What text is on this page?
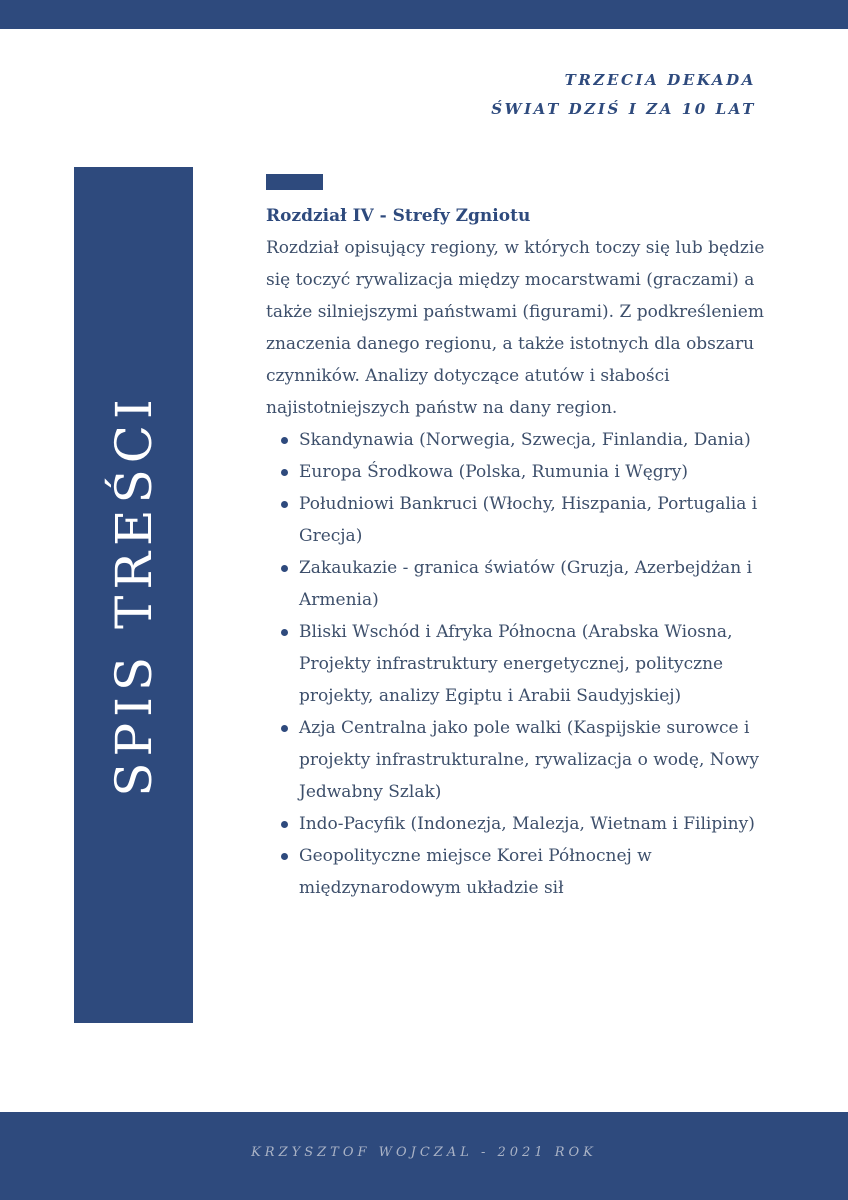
TRZECIA DEKADA
ŚWIAT DZIŚ I ZA 10 LAT
SPIS TREŚCI
Rozdział IV - Strefy Zgniotu

Rozdział opisujący regiony, w których toczy się lub będzie się toczyć rywalizacja między mocarstwami (graczami) a także silniejszymi państwami (figurami). Z podkreśleniem znaczenia danego regionu, a także istotnych dla obszaru czynników. Analizy dotyczące atutów i słabości najistotniejszych państw na dany region.

Skandynawia (Norwegia, Szwecja, Finlandia, Dania)
Europa Środkowa (Polska, Rumunia i Węgry)
Południowi Bankruci (Włochy, Hiszpania, Portugalia i Grecja)
Zakaukazie - granica światów (Gruzja, Azerbejdżan i Armenia)
Bliski Wschód i Afryka Północna (Arabska Wiosna, Projekty infrastruktury energetycznej, polityczne projekty, analizy Egiptu i Arabii Saudyjskiej)
Azja Centralna jako pole walki (Kaspijskie surowce i projekty infrastrukturalne, rywalizacja o wodę, Nowy Jedwabny Szlak)
Indo-Pacyfik (Indonezja, Malezja, Wietnam i Filipiny)
Geopolityczne miejsce Korei Północnej w międzynarodowym układzie sił
KRZYSZTOF WOJCZAL - 2021 ROK
